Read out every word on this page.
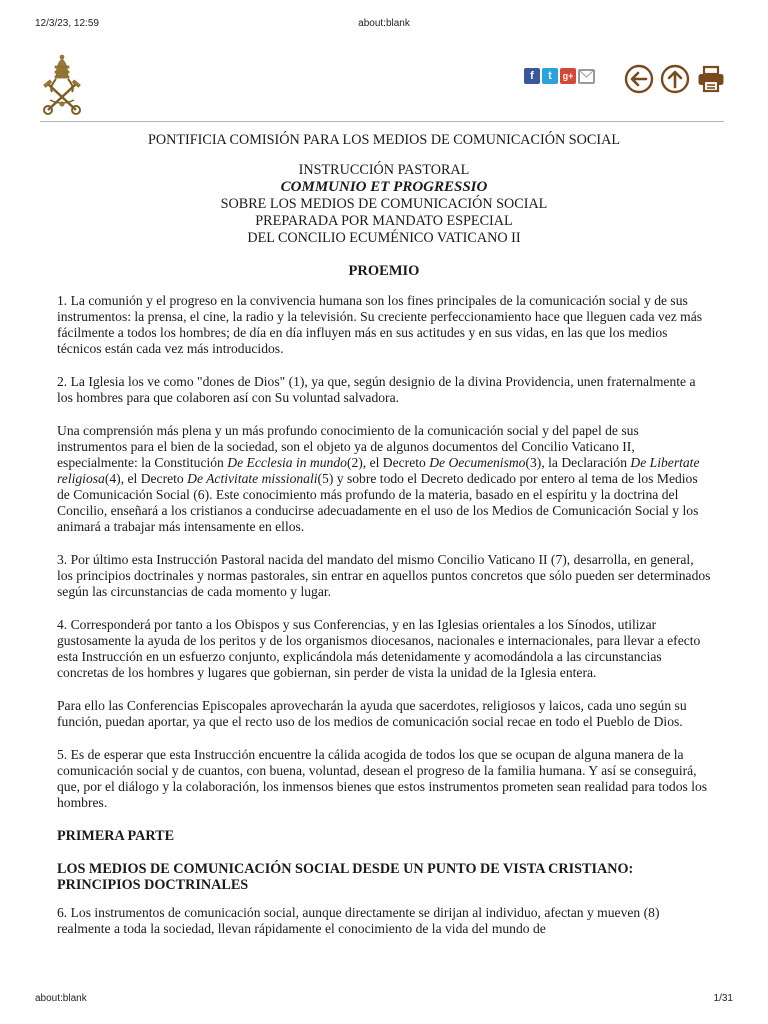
12/3/23, 12:59	about:blank
f	t	g+
PONTIFICIA COMISIÓN PARA LOS MEDIOS DE COMUNICACIÓN SOCIAL
INSTRUCCIÓN PASTORAL
COMMUNIO ET PROGRESSIO
SOBRE LOS MEDIOS DE COMUNICACIÓN SOCIAL
PREPARADA POR MANDATO ESPECIAL
DEL CONCILIO ECUMÉNICO VATICANO II
PROEMIO

1. La comunión y el progreso en la convivencia humana son los fines principales de la comunicación social y de sus instrumentos: la prensa, el cine, la radio y la televisión. Su creciente perfeccionamiento hace que lleguen cada vez más fácilmente a todos los hombres; de día en día influyen más en sus actitudes y en sus vidas, en las que los medios técnicos están cada vez más introducidos.

2. La Iglesia los ve como "dones de Dios" (1), ya que, según designio de la divina Providencia, unen fraternalmente a los hombres para que colaboren así con Su voluntad salvadora.

Una comprensión más plena y un más profundo conocimiento de la comunicación social y del papel de sus instrumentos para el bien de la sociedad, son el objeto ya de algunos documentos del Concilio Vaticano II, especialmente: la Constitución De Ecclesia in mundo(2), el Decreto De Oecumenismo(3), la Declaración De Libertate religiosa(4), el Decreto De Activitate missionali(5) y sobre todo el Decreto dedicado por entero al tema de los Medios de Comunicación Social (6). Este conocimiento más profundo de la materia, basado en el espíritu y la doctrina del Concilio, enseñará a los cristianos a conducirse adecuadamente en el uso de los Medios de Comunicación Social y los animará a trabajar más intensamente en ellos.

3. Por último esta Instrucción Pastoral nacida del mandato del mismo Concilio Vaticano II (7), desarrolla, en general, los principios doctrinales y normas pastorales, sin entrar en aquellos puntos concretos que sólo pueden ser determinados según las circunstancias de cada momento y lugar.

4. Corresponderá por tanto a los Obispos y sus Conferencias, y en las Iglesias orientales a los Sínodos, utilizar gustosamente la ayuda de los peritos y de los organismos diocesanos, nacionales e internacionales, para llevar a efecto esta Instrucción en un esfuerzo conjunto, explicándola más detenidamente y acomodándola a las circunstancias concretas de los hombres y lugares que gobiernan, sin perder de vista la unidad de la Iglesia entera.

Para ello las Conferencias Episcopales aprovecharán la ayuda que sacerdotes, religiosos y laicos, cada uno según su función, puedan aportar, ya que el recto uso de los medios de comunicación social recae en todo el Pueblo de Dios.

5. Es de esperar que esta Instrucción encuentre la cálida acogida de todos los que se ocupan de alguna manera de la comunicación social y de cuantos, con buena, voluntad, desean el progreso de la familia humana. Y así se conseguirá, que, por el diálogo y la colaboración, los inmensos bienes que estos instrumentos prometen sean realidad para todos los hombres.

PRIMERA PARTE
LOS MEDIOS DE COMUNICACIÓN SOCIAL DESDE UN PUNTO DE VISTA CRISTIANO: PRINCIPIOS DOCTRINALES

6. Los instrumentos de comunicación social, aunque directamente se dirijan al individuo, afectan y mueven (8) realmente a toda la sociedad, llevan rápidamente el conocimiento de la vida del mundo de

about:blank	1/31
